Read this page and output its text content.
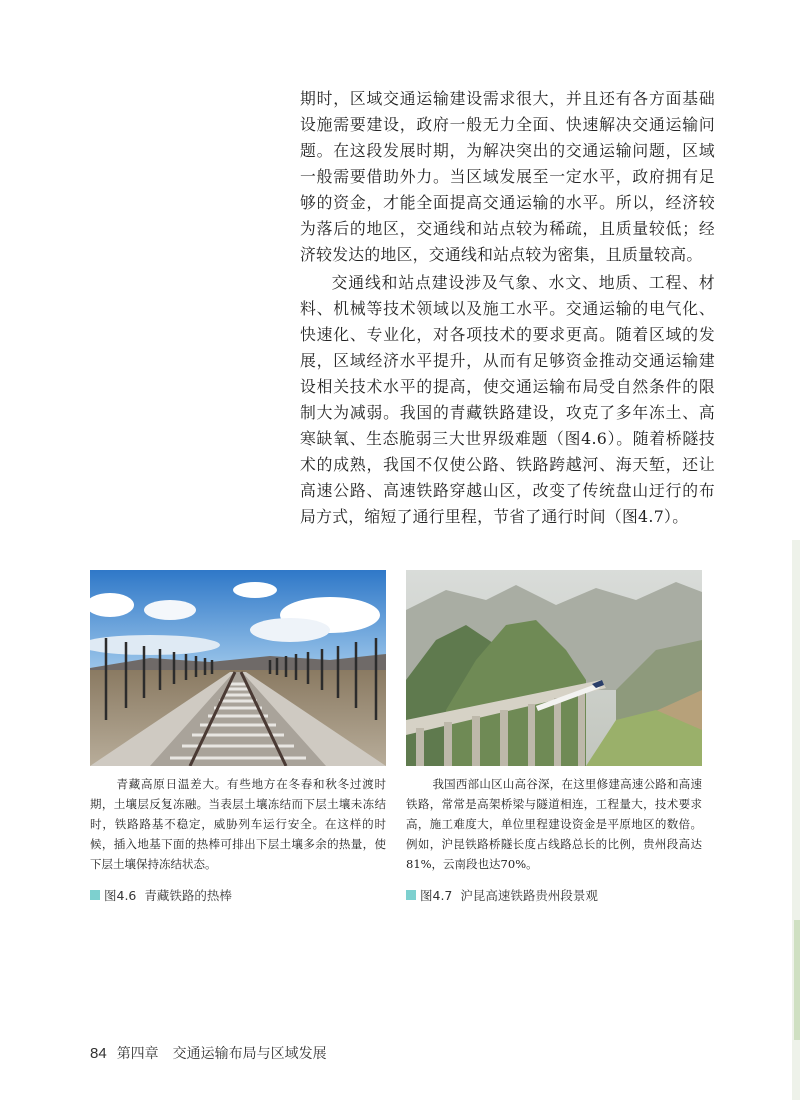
期时，区域交通运输建设需求很大，并且还有各方面基础设施需要建设，政府一般无力全面、快速解决交通运输问题。在这段发展时期，为解决突出的交通运输问题，区域一般需要借助外力。当区域发展至一定水平，政府拥有足够的资金，才能全面提高交通运输的水平。所以，经济较为落后的地区，交通线和站点较为稀疏，且质量较低；经济较发达的地区，交通线和站点较为密集，且质量较高。

交通线和站点建设涉及气象、水文、地质、工程、材料、机械等技术领域以及施工水平。交通运输的电气化、快速化、专业化，对各项技术的要求更高。随着区域的发展，区域经济水平提升，从而有足够资金推动交通运输建设相关技术水平的提高，使交通运输布局受自然条件的限制大为减弱。我国的青藏铁路建设，攻克了多年冻土、高寒缺氧、生态脆弱三大世界级难题（图4.6）。随着桥隧技术的成熟，我国不仅使公路、铁路跨越河、海天堑，还让高速公路、高速铁路穿越山区，改变了传统盘山迂行的布局方式，缩短了通行里程，节省了通行时间（图4.7）。

青藏高原日温差大。有些地方在冬春和秋冬过渡时期，土壤层反复冻融。当表层土壤冻结而下层土壤未冻结时，铁路路基不稳定，威胁列车运行安全。在这样的时候，插入地基下面的热棒可排出下层土壤多余的热量，使下层土壤保持冻结状态。
我国西部山区山高谷深，在这里修建高速公路和高速铁路，常常是高架桥梁与隧道相连，工程量大，技术要求高，施工难度大，单位里程建设资金是平原地区的数倍。例如，沪昆铁路桥隧长度占线路总长的比例，贵州段高达81%，云南段也达70%。
图4.6 青藏铁路的热棒	图4.7 沪昆高速铁路贵州段景观
84 第四章　交通运输布局与区域发展
